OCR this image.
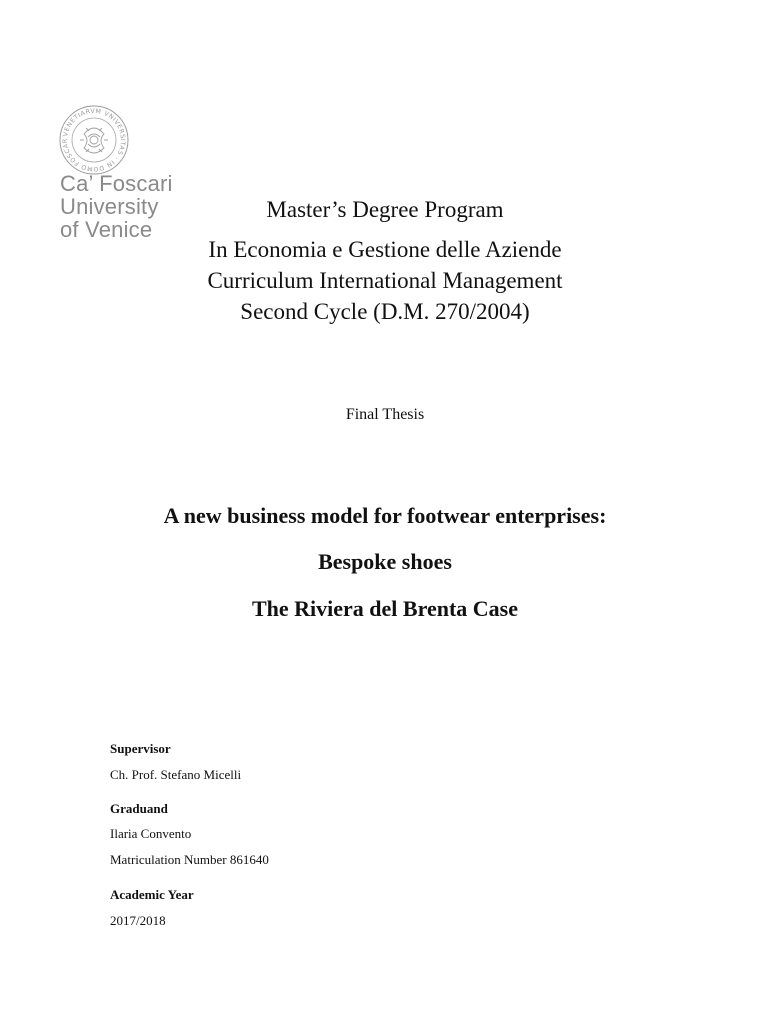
VENETIARVM VNIVERSITAS · IN DOMO FOSCAR
Ca’ Foscari
University
of Venice
Master’s Degree Program
In Economia e Gestione delle Aziende
Curriculum International Management
Second Cycle (D.M. 270/2004)
Final Thesis
A new business model for footwear enterprises:
Bespoke shoes
The Riviera del Brenta Case
Supervisor
Ch. Prof. Stefano Micelli
Graduand
Ilaria Convento
Matriculation Number 861640
Academic Year
2017/2018
